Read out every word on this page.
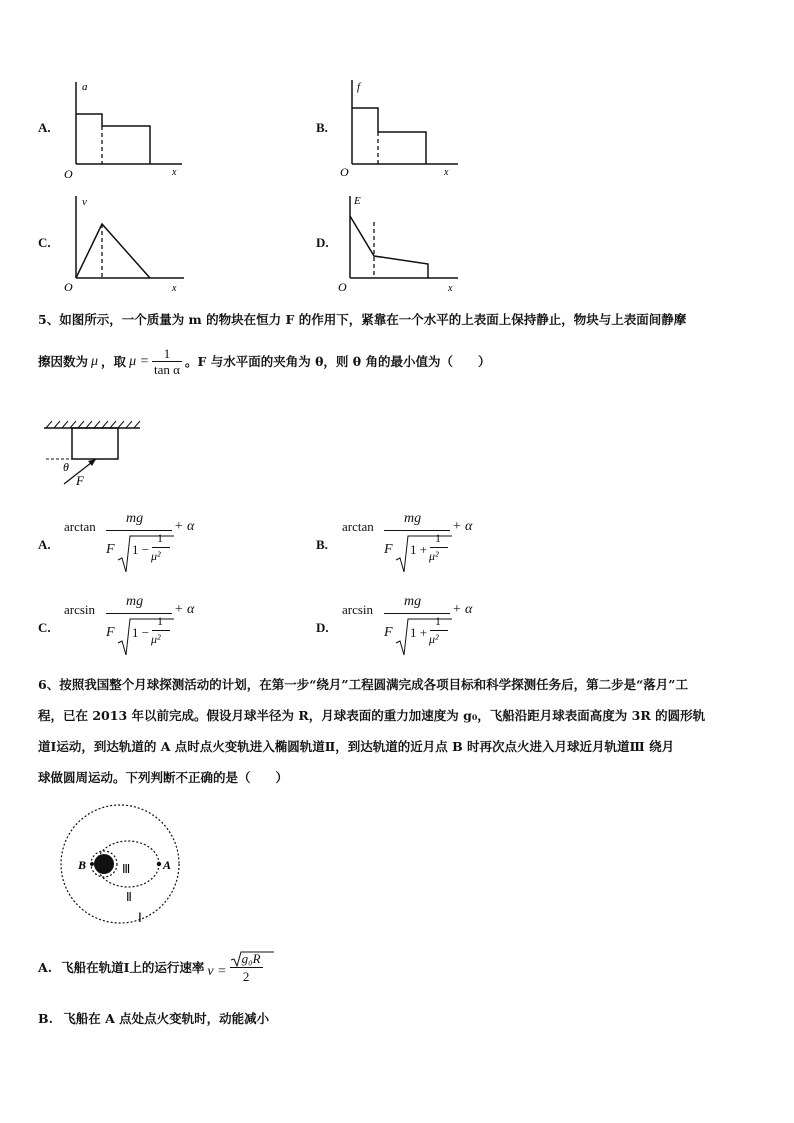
A.
a
x
O
B.
f
x
O
C.
v
x
O
D.
E
x
O
5、如图所示，一个质量为 m 的物块在恒力 F 的作用下，紧靠在一个水平的上表面上保持静止，物块与上表面间静摩
擦因数为 μ ，取 $\mu = \frac{1}{\text{tan α}}$ 。F 与水平面的夹角为 θ，则 θ 角的最小值为（　　）
θ
F
A.
arctan
mg
F 1 −
1
μ²
+ α
B.
arctan
mg
F 1 +
1
μ²
+ α
C.
arcsin
mg
F 1 −
1
μ²
+ α
D.
arcsin
mg
F 1 +
1
μ²
+ α
6、按照我国整个月球探测活动的计划，在第一步“绕月”工程圆满完成各项目标和科学探测任务后，第二步是“落月”工
程，已在 2013 年以前完成。假设月球半径为 R，月球表面的重力加速度为 g₀，飞船沿距月球表面高度为 3R 的圆形轨
道Ⅰ运动，到达轨道的 A 点时点火变轨进入椭圆轨道Ⅱ，到达轨道的近月点 B 时再次点火进入月球近月轨道Ⅲ 绕月
球做圆周运动。下列判断不正确的是（　　）
B	A
Ⅲ
Ⅱ
Ⅰ
A. 飞船在轨道Ⅰ上的运行速率 $v = \frac{\text{g₀R}}{2}$
B. 飞船在 A 点处点火变轨时，动能减小
